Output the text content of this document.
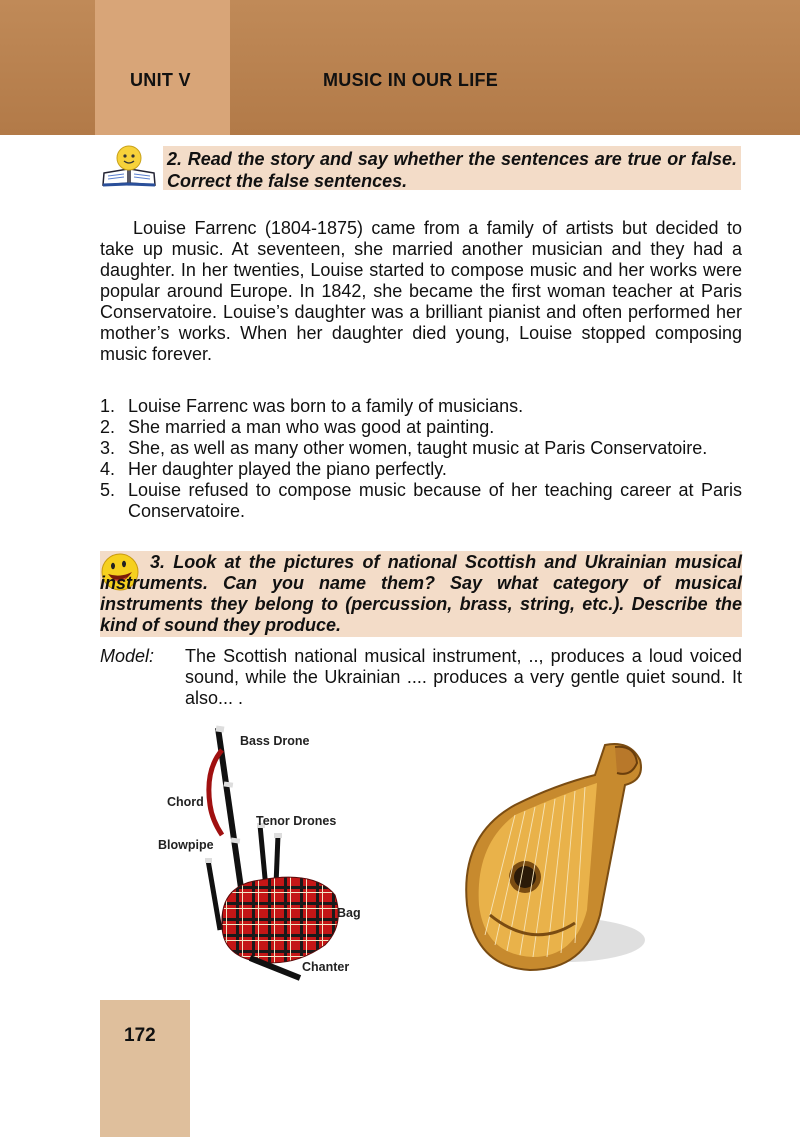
UNIT V	MUSIC IN OUR LIFE
2. Read the story and say whether the sentences are true or false. Correct the false sentences.

Louise Farrenc (1804-1875) came from a family of artists but decided to take up music. At seventeen, she married another musician and they had a daughter. In her twenties, Louise started to compose music and her works were popular around Europe. In 1842, she became the first woman teacher at Paris Conservatoire. Louise’s daughter was a brilliant pianist and often performed her mother’s works. When her daughter died young, Louise stopped composing music forever.

1. Louise Farrenc was born to a family of musicians.
2. She married a man who was good at painting.
3. She, as well as many other women, taught music at Paris Conservatoire.
4. Her daughter played the piano perfectly.
5. Louise refused to compose music because of her teaching career at Paris Conservatoire.
3. Look at the pictures of national Scottish and Ukrainian musical instruments. Can you name them? Say what category of musical instruments they belong to (percussion, brass, string, etc.). Describe the kind of sound they produce.
Model:	The Scottish national musical instrument, .., produces a loud voiced sound, while the Ukrainian .... produces a very gentle quiet sound. It also... .
Bass Drone
Chord
Tenor Drones
Blowpipe
Bag
Chanter
172
